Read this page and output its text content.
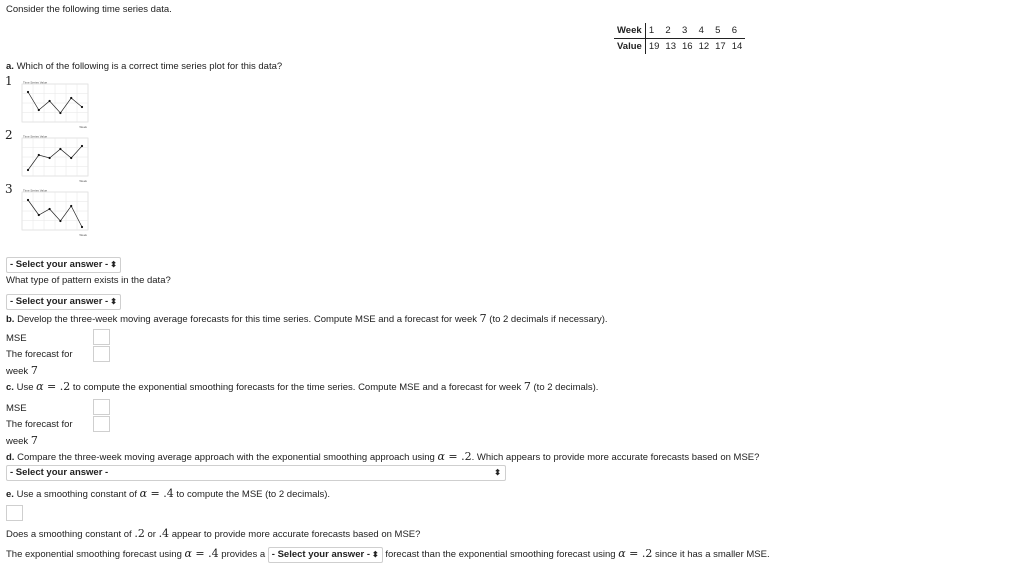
Consider the following time series data.
Week	1	2	3	4	5	6
Value	19	13	16	12	17	14
a. Which of the following is a correct time series plot for this data?
1	Time Series Value
Week
2	Time Series Value
Week
3	Time Series Value
Week
- Select your answer - ⬍
What type of pattern exists in the data?
- Select your answer - ⬍
b. Develop the three-week moving average forecasts for this time series. Compute MSE and a forecast for week 7 (to 2 decimals if necessary).
MSE
The forecast for
week 7
c. Use α = .2 to compute the exponential smoothing forecasts for the time series. Compute MSE and a forecast for week 7 (to 2 decimals).
MSE
The forecast for
week 7
d. Compare the three-week moving average approach with the exponential smoothing approach using α = .2. Which appears to provide more accurate forecasts based on MSE?
- Select your answer -	⬍
e. Use a smoothing constant of α = .4 to compute the MSE (to 2 decimals).
Does a smoothing constant of .2 or .4 appear to provide more accurate forecasts based on MSE?
The exponential smoothing forecast using α = .4 provides a - Select your answer - ⬍ forecast than the exponential smoothing forecast using α = .2 since it has a smaller MSE.
